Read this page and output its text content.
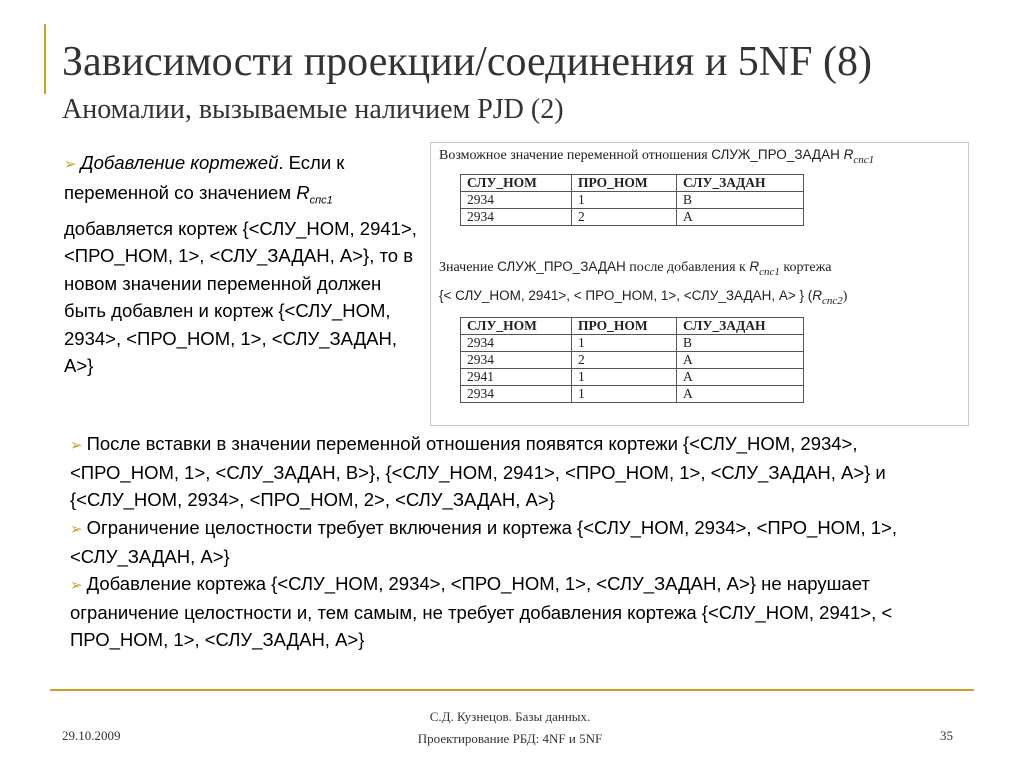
Зависимости проекции/соединения и 5NF (8)
Аномалии, вызываемые наличием PJD (2)
➢ Добавление кортежей. Если к переменной со значением $R_{спс1}$ добавляется кортеж {<СЛУ_НОМ, 2941>, <ПРО_НОМ, 1>, <СЛУ_ЗАДАН, А>}, то в новом значении переменной должен быть добавлен и кортеж {<СЛУ_НОМ, 2934>, <ПРО_НОМ, 1>, <СЛУ_ЗАДАН, А>}
Возможное значение переменной отношения СЛУЖ_ПРО_ЗАДАН $R_{спс1}$
СЛУ_НОМ	ПРО_НОМ	СЛУ_ЗАДАН
2934	1	В
2934	2	А
Значение СЛУЖ_ПРО_ЗАДАН после добавления к $R_{спс1}$ кортежа
{< СЛУ_НОМ, 2941>, < ПРО_НОМ, 1>, <СЛУ_ЗАДАН, А> } $(R_{спс2})$
СЛУ_НОМ	ПРО_НОМ	СЛУ_ЗАДАН
2934	1	В
2934	2	А
2941	1	А
2934	1	А

➢ После вставки в значении переменной отношения появятся кортежи {<СЛУ_НОМ, 2934>, <ПРО_НОМ, 1>, <СЛУ_ЗАДАН, В>}, {<СЛУ_НОМ, 2941>, <ПРО_НОМ, 1>, <СЛУ_ЗАДАН, А>} и {<СЛУ_НОМ, 2934>, <ПРО_НОМ, 2>, <СЛУ_ЗАДАН, А>}

➢ Ограничение целостности требует включения и кортежа {<СЛУ_НОМ, 2934>, <ПРО_НОМ, 1>, <СЛУ_ЗАДАН, А>}

➢ Добавление кортежа {<СЛУ_НОМ, 2934>, <ПРО_НОМ, 1>, <СЛУ_ЗАДАН, А>} не нарушает ограничение целостности и, тем самым, не требует добавления кортежа {<СЛУ_НОМ, 2941>, < ПРО_НОМ, 1>, <СЛУ_ЗАДАН, А>}

29.10.2009
С.Д. Кузнецов. Базы данных.
Проектирование РБД: 4NF и 5NF	35
